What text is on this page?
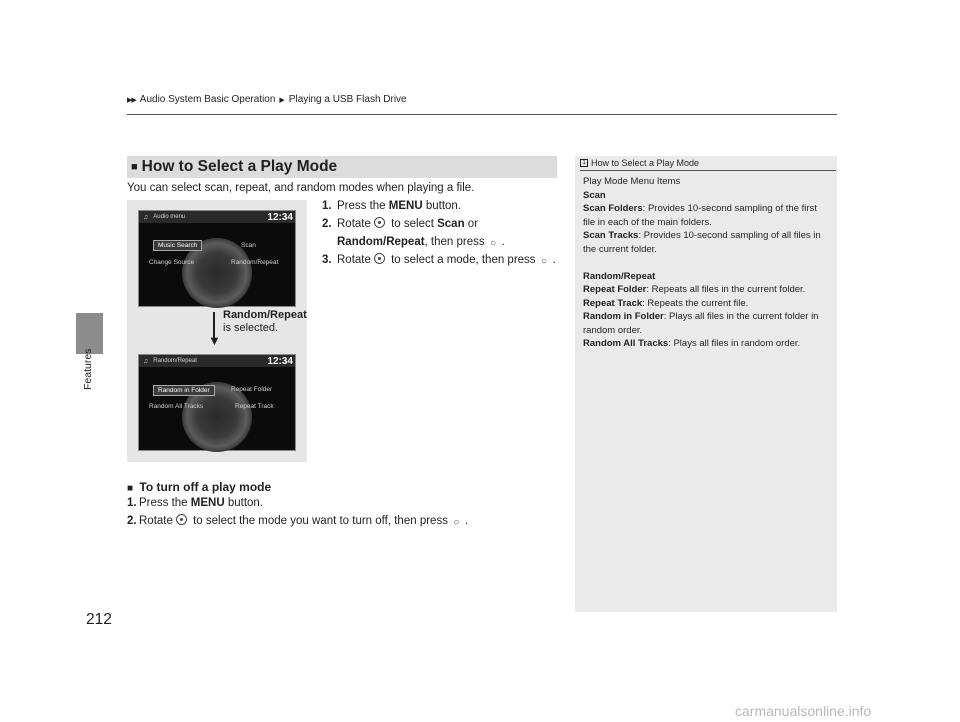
Features
212
▶▶ Audio System Basic Operation ▶ Playing a USB Flash Drive
■ How to Select a Play Mode
You can select scan, repeat, and random modes when playing a file.
1. Press the MENU button.
2. Rotate to select Scan or Random/Repeat, then press ○ .
3. Rotate to select a mode, then press ○ .
♫ Audio menu	12:34
Music Search	Scan
Change Source	Random/Repeat
♫ Random/Repeat	12:34
Random in Folder	Repeat Folder
Random All Tracks	Repeat Track
▼
Random/Repeat
is selected.
■ To turn off a play mode
1. Press the MENU button.
2. Rotate to select the mode you want to turn off, then press ○ .
1 How to Select a Play Mode
Play Mode Menu Items
Scan
Scan Folders: Provides 10-second sampling of the first file in each of the main folders.
Scan Tracks: Provides 10-second sampling of all files in the current folder.
Random/Repeat
Repeat Folder: Repeats all files in the current folder.
Repeat Track: Repeats the current file.
Random in Folder: Plays all files in the current folder in random order.
Random All Tracks: Plays all files in random order.
carmanualsonline.info
